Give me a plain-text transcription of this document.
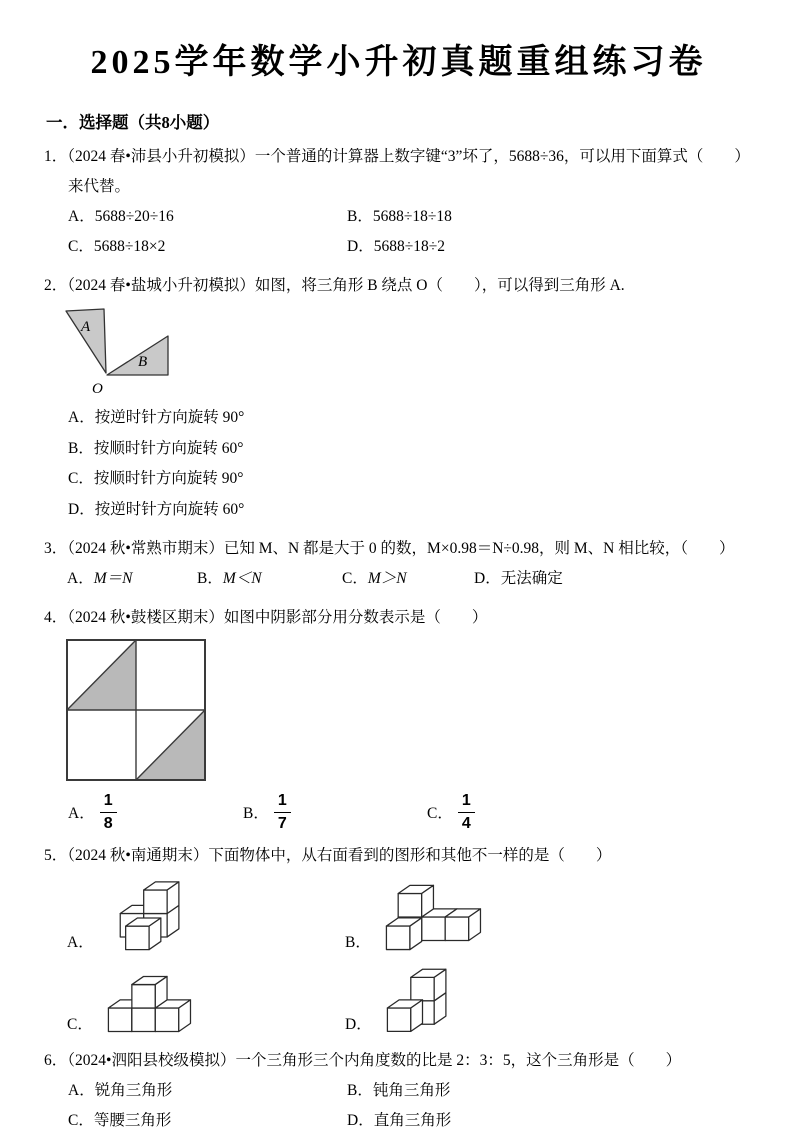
2025学年数学小升初真题重组练习卷
一．选择题（共8小题）

1．（2024 春•沛县小升初模拟）一个普通的计算器上数字键“3”坏了，5688÷36，可以用下面算式（　　）来代替。

A．5688÷20÷16	B．5688÷18÷18
C．5688÷18×2	D．5688÷18÷2

2．（2024 春•盐城小升初模拟）如图，将三角形 B 绕点 O（　　），可以得到三角形 A.

A
B
O
A．按逆时针方向旋转 90°
B．按顺时针方向旋转 60°
C．按顺时针方向旋转 90°
D．按逆时针方向旋转 60°

3．（2024 秋•常熟市期末）已知 M、N 都是大于 0 的数，M×0.98＝N÷0.98，则 M、N 相比较，（　　）

A．M＝N	B．M＜N	C．M＞N	D．无法确定

4．（2024 秋•鼓楼区期末）如图中阴影部分用分数表示是（　　）

A． $\frac{1}{8}$	B． $\frac{1}{7}$	C． $\frac{1}{4}$

5．（2024 秋•南通期末）下面物体中，从右面看到的图形和其他不一样的是（　　）

A．	B．
C．	D．

6．（2024•泗阳县校级模拟）一个三角形三个内角度数的比是 2：3：5，这个三角形是（　　）

A．锐角三角形	B．钝角三角形
C．等腰三角形	D．直角三角形
